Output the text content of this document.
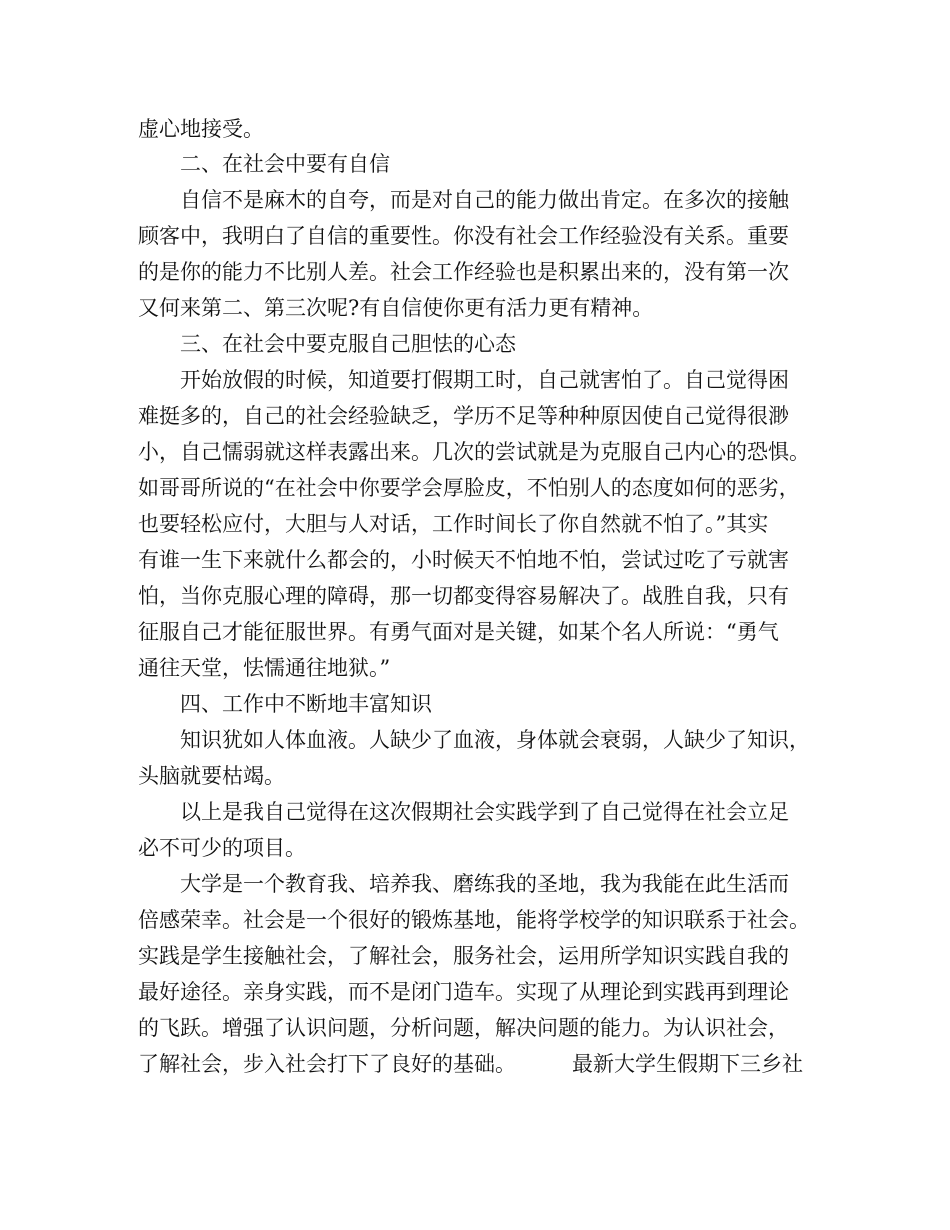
虚心地接受。
二、在社会中要有自信
自信不是麻木的自夸，而是对自己的能力做出肯定。在多次的接触
顾客中，我明白了自信的重要性。你没有社会工作经验没有关系。重要
的是你的能力不比别人差。社会工作经验也是积累出来的，没有第一次
又何来第二、第三次呢?有自信使你更有活力更有精神。
三、在社会中要克服自己胆怯的心态
开始放假的时候，知道要打假期工时，自己就害怕了。自己觉得困
难挺多的，自己的社会经验缺乏，学历不足等种种原因使自己觉得很渺
小，自己懦弱就这样表露出来。几次的尝试就是为克服自己内心的恐惧。
如哥哥所说的“在社会中你要学会厚脸皮，不怕别人的态度如何的恶劣，
也要轻松应付，大胆与人对话，工作时间长了你自然就不怕了。”其实
有谁一生下来就什么都会的，小时候天不怕地不怕，尝试过吃了亏就害
怕，当你克服心理的障碍，那一切都变得容易解决了。战胜自我，只有
征服自己才能征服世界。有勇气面对是关键，如某个名人所说：“勇气
通往天堂，怯懦通往地狱。”
四、工作中不断地丰富知识
知识犹如人体血液。人缺少了血液，身体就会衰弱，人缺少了知识，
头脑就要枯竭。
以上是我自己觉得在这次假期社会实践学到了自己觉得在社会立足
必不可少的项目。
大学是一个教育我、培养我、磨练我的圣地，我为我能在此生活而
倍感荣幸。社会是一个很好的锻炼基地，能将学校学的知识联系于社会。
实践是学生接触社会，了解社会，服务社会，运用所学知识实践自我的
最好途径。亲身实践，而不是闭门造车。实现了从理论到实践再到理论
的飞跃。增强了认识问题，分析问题，解决问题的能力。为认识社会，
了解社会，步入社会打下了良好的基础。	最新大学生假期下三乡社
